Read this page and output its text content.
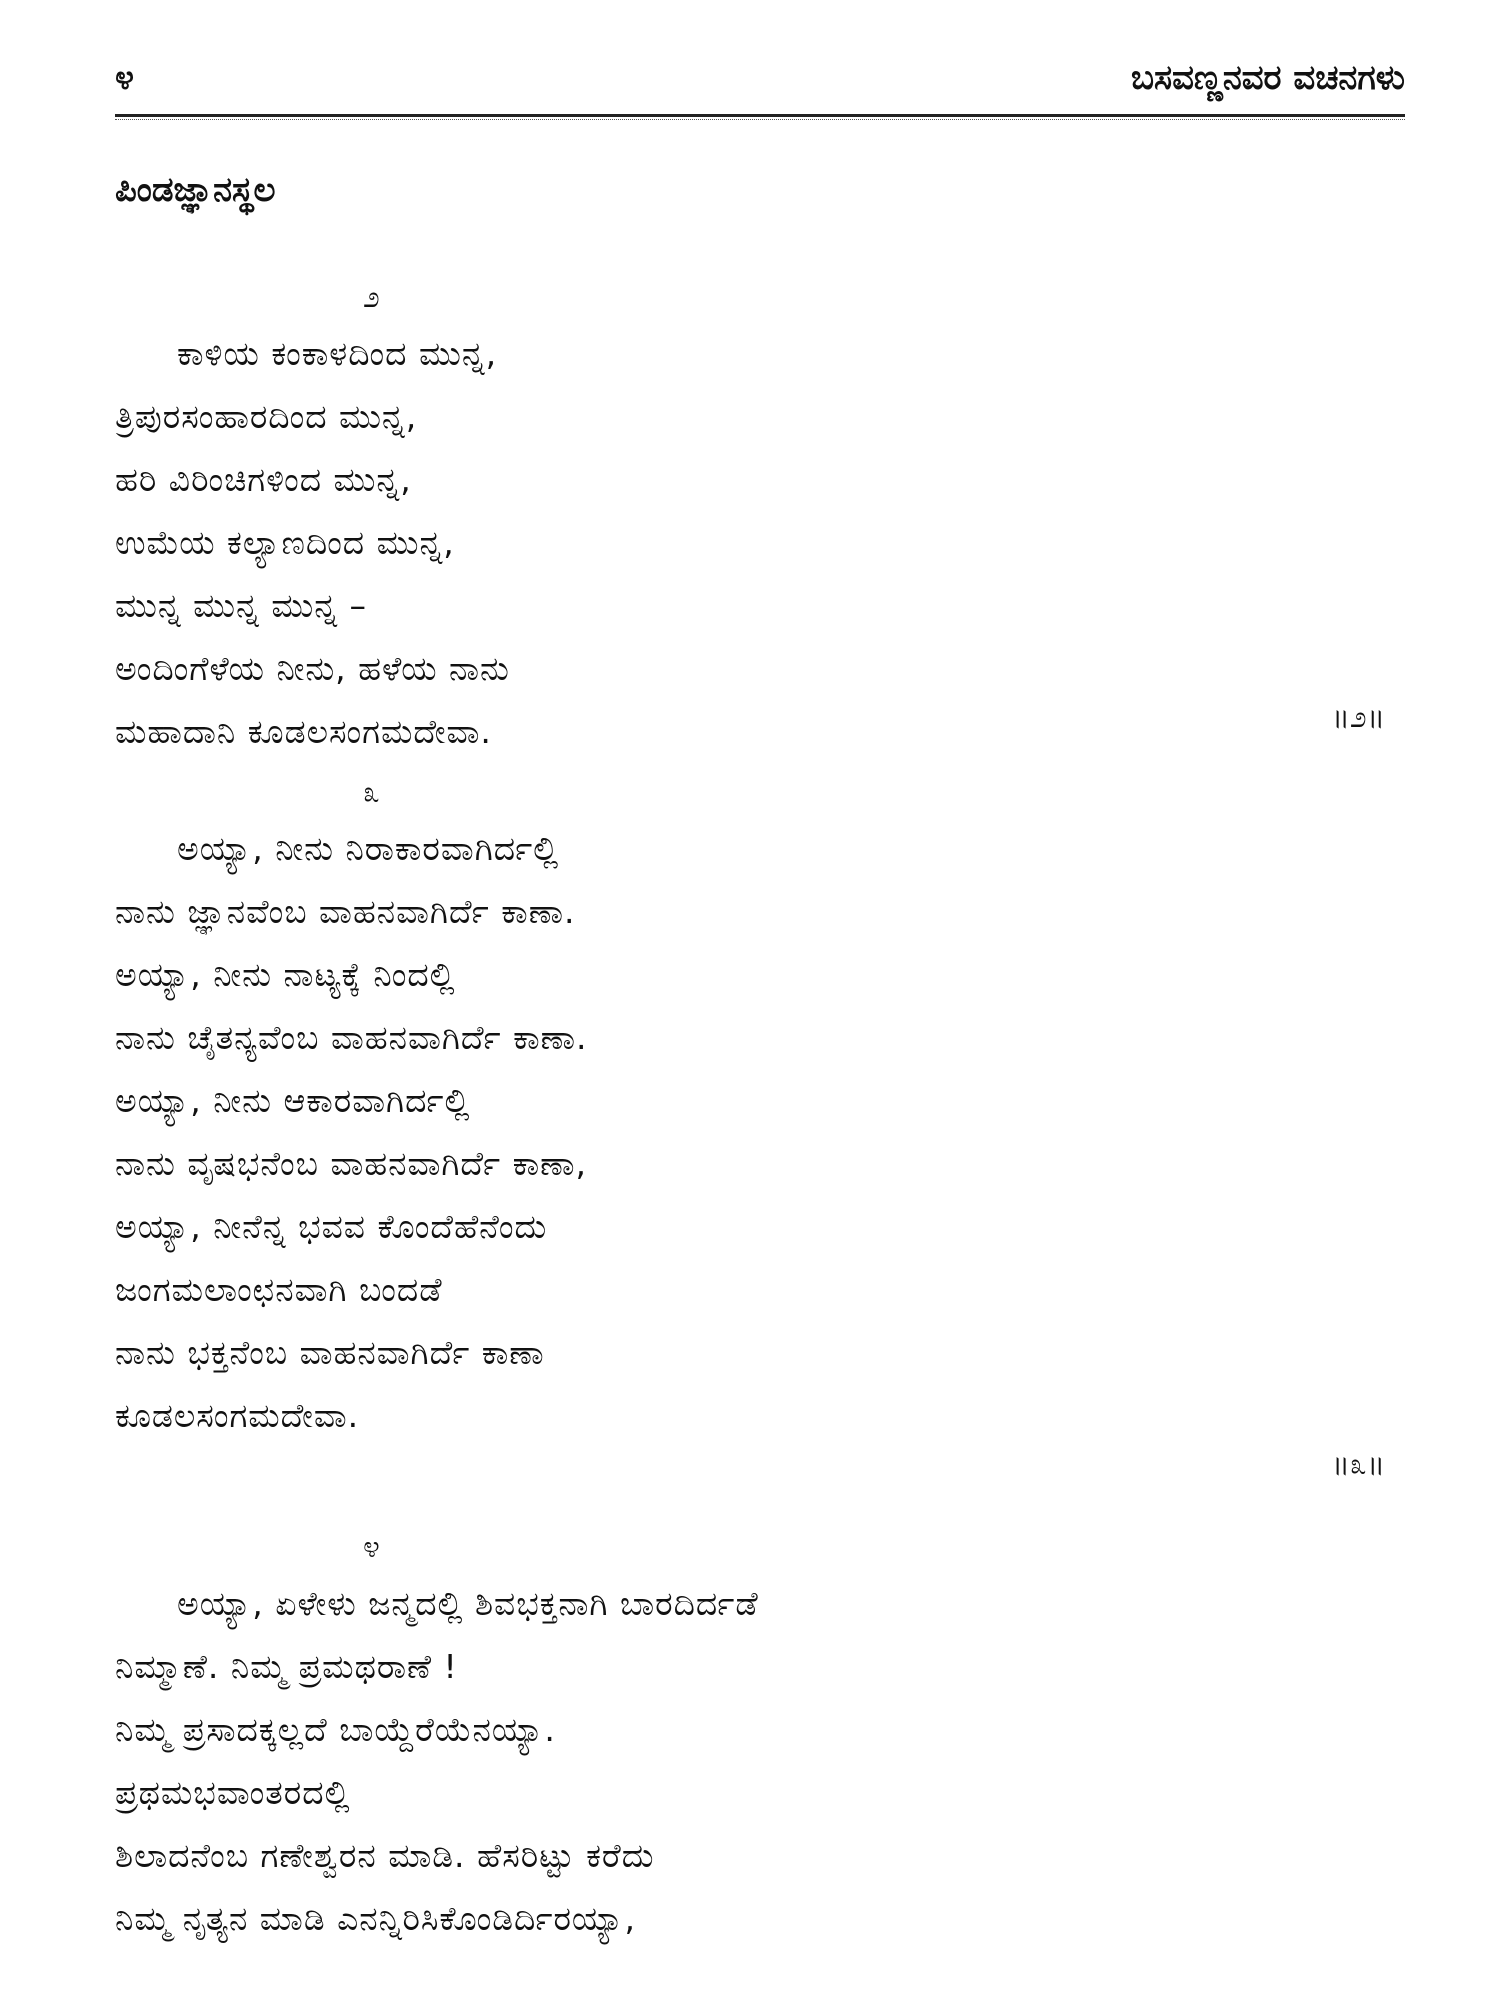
೪	ಬಸವಣ್ಣನವರ ವಚನಗಳು
ಪಿಂಡಜ್ಞಾನಸ್ಥಲ
೨
ಕಾಳಿಯ ಕಂಕಾಳದಿಂದ ಮುನ್ನ,
ತ್ರಿಪುರಸಂಹಾರದಿಂದ ಮುನ್ನ,
ಹರಿ ವಿರಿಂಚಿಗಳಿಂದ ಮುನ್ನ,
ಉಮೆಯ ಕಲ್ಯಾಣದಿಂದ ಮುನ್ನ,
ಮುನ್ನ ಮುನ್ನ ಮುನ್ನ –
ಅಂದಿಂಗೆಳೆಯ ನೀನು, ಹಳೆಯ ನಾನು
ಮಹಾದಾನಿ ಕೂಡಲಸಂಗಮದೇವಾ.	॥೨॥
೩
ಅಯ್ಯಾ, ನೀನು ನಿರಾಕಾರವಾಗಿರ್ದಲ್ಲಿ
ನಾನು ಜ್ಞಾನವೆಂಬ ವಾಹನವಾಗಿರ್ದೆ ಕಾಣಾ.
ಅಯ್ಯಾ, ನೀನು ನಾಟ್ಯಕ್ಕೆ ನಿಂದಲ್ಲಿ
ನಾನು ಚೈತನ್ಯವೆಂಬ ವಾಹನವಾಗಿರ್ದೆ ಕಾಣಾ.
ಅಯ್ಯಾ, ನೀನು ಆಕಾರವಾಗಿರ್ದಲ್ಲಿ
ನಾನು ವೃಷಭನೆಂಬ ವಾಹನವಾಗಿರ್ದೆ ಕಾಣಾ,
ಅಯ್ಯಾ, ನೀನೆನ್ನ ಭವವ ಕೊಂದೆಹೆನೆಂದು
ಜಂಗಮಲಾಂಛನವಾಗಿ ಬಂದಡೆ
ನಾನು ಭಕ್ತನೆಂಬ ವಾಹನವಾಗಿರ್ದೆ ಕಾಣಾ
ಕೂಡಲಸಂಗಮದೇವಾ.
॥೩॥
೪
ಅಯ್ಯಾ, ಏಳೇಳು ಜನ್ಮದಲ್ಲಿ ಶಿವಭಕ್ತನಾಗಿ ಬಾರದಿರ್ದಡೆ
ನಿಮ್ಮಾಣೆ. ನಿಮ್ಮ ಪ್ರಮಥರಾಣೆ !
ನಿಮ್ಮ ಪ್ರಸಾದಕ್ಕಲ್ಲದೆ ಬಾಯ್ದೆರೆಯೆನಯ್ಯಾ.
ಪ್ರಥಮಭವಾಂತರದಲ್ಲಿ
ಶಿಲಾದನೆಂಬ ಗಣೇಶ್ವರನ ಮಾಡಿ. ಹೆಸರಿಟ್ಟು ಕರೆದು
ನಿಮ್ಮ ನೃತ್ಯನ ಮಾಡಿ ಎನನ್ನಿರಿಸಿಕೊಂಡಿರ್ದಿರಯ್ಯಾ,
